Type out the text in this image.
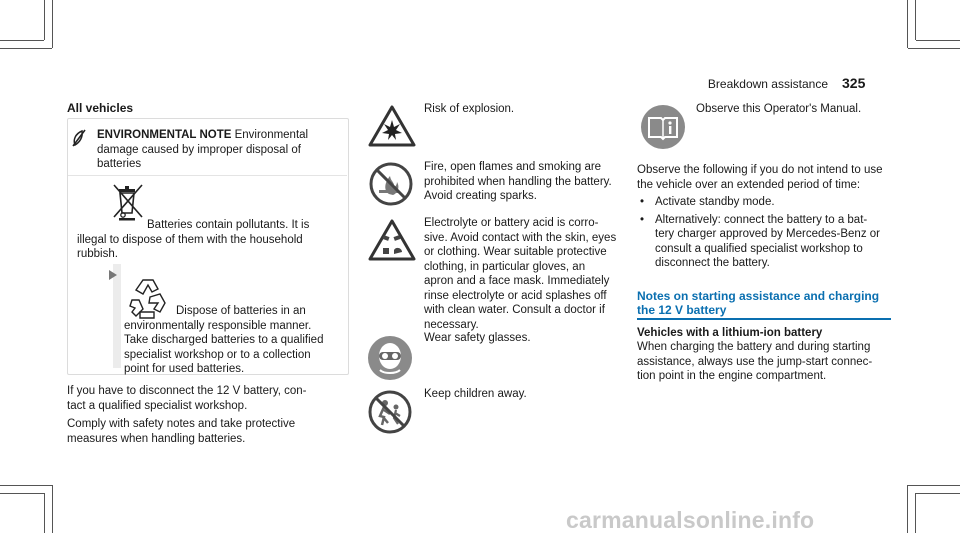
Breakdown assistance 325
All vehicles
ENVIRONMENTAL NOTE Environmental
damage caused by improper disposal of
batteries
Batteries contain pollutants. It is
illegal to dispose of them with the household
rubbish.
Dispose of batteries in an
environmentally responsible manner.
Take discharged batteries to a qualified
specialist workshop or to a collection
point for used batteries.
If you have to disconnect the 12 V battery, con-
tact a qualified specialist workshop.
Comply with safety notes and take protective
measures when handling batteries.
Risk of explosion.
Fire, open flames and smoking are
prohibited when handling the battery.
Avoid creating sparks.
Electrolyte or battery acid is corro-
sive. Avoid contact with the skin, eyes
or clothing. Wear suitable protective
clothing, in particular gloves, an
apron and a face mask. Immediately
rinse electrolyte or acid splashes off
with clean water. Consult a doctor if
necessary.
Wear safety glasses.
Keep children away.
Observe this Operator's Manual.
Observe the following if you do not intend to use
the vehicle over an extended period of time:
• Activate standby mode.
• Alternatively: connect the battery to a bat-
tery charger approved by Mercedes-Benz or
consult a qualified specialist workshop to
disconnect the battery.
Notes on starting assistance and charging
the 12 V battery
Vehicles with a lithium-ion battery
When charging the battery and during starting
assistance, always use the jump-start connec-
tion point in the engine compartment.
carmanualsonline.info
